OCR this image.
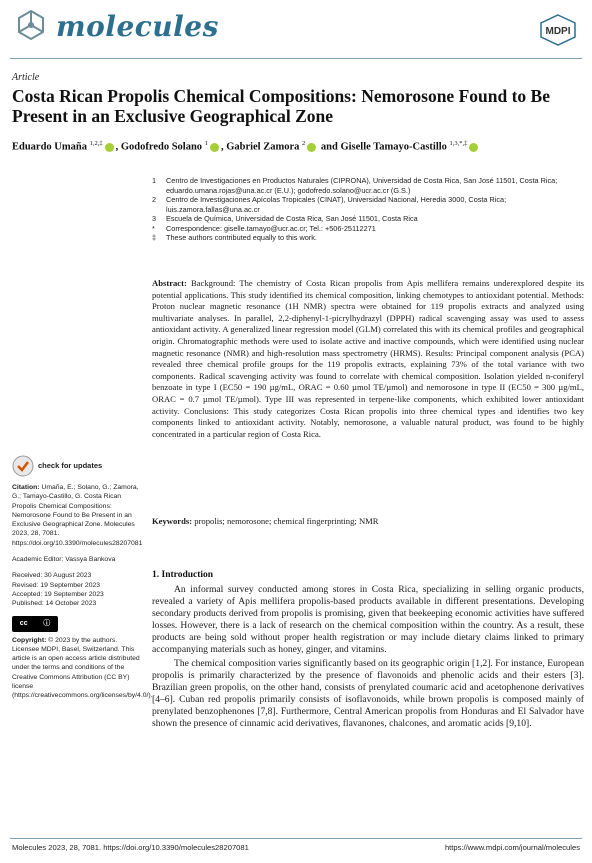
molecules	MDPI
Article
Costa Rican Propolis Chemical Compositions: Nemorosone Found to Be Present in an Exclusive Geographical Zone
Eduardo Umaña $^{1,2,\ddagger}$ , Godofredo Solano $^1$ , Gabriel Zamora $^2$ and Giselle Tamayo-Castillo $^{1,3,*,\ddagger}$
1	Centro de Investigaciones en Productos Naturales (CIPRONA), Universidad de Costa Rica, San José 11501, Costa Rica; eduardo.umana.rojas@una.ac.cr (E.U.); godofredo.solano@ucr.ac.cr (G.S.)
2	Centro de Investigaciones Apícolas Tropicales (CINAT), Universidad Nacional, Heredia 3000, Costa Rica; luis.zamora.fallas@una.ac.cr
3	Escuela de Química, Universidad de Costa Rica, San José 11501, Costa Rica
*	Correspondence: giselle.tamayo@ucr.ac.cr; Tel.: +506-25112271
‡	These authors contributed equally to this work.
Abstract: Background: The chemistry of Costa Rican propolis from Apis mellifera remains underexplored despite its potential applications. This study identified its chemical composition, linking chemotypes to antioxidant potential. Methods: Proton nuclear magnetic resonance (1H NMR) spectra were obtained for 119 propolis extracts and analyzed using multivariate analyses. In parallel, 2,2-diphenyl-1-picrylhydrazyl (DPPH) radical scavenging assay was used to assess antioxidant activity. A generalized linear regression model (GLM) correlated this with its chemical profiles and geographical origin. Chromatographic methods were used to isolate active and inactive compounds, which were identified using nuclear magnetic resonance (NMR) and high-resolution mass spectrometry (HRMS). Results: Principal component analysis (PCA) revealed three chemical profile groups for the 119 propolis extracts, explaining 73% of the total variance with two components. Radical scavenging activity was found to correlate with chemical composition. Isolation yielded n-coniferyl benzoate in type I (EC50 = 190 µg/mL, ORAC = 0.60 µmol TE/µmol) and nemorosone in type II (EC50 = 300 µg/mL, ORAC = 0.7 µmol TE/µmol). Type III was represented in terpene-like components, which exhibited lower antioxidant activity. Conclusions: This study categorizes Costa Rican propolis into three chemical types and identifies two key components linked to antioxidant activity. Notably, nemorosone, a valuable natural product, was found to be highly concentrated in a particular region of Costa Rica.
Keywords: propolis; nemorosone; chemical fingerprinting; NMR
1. Introduction

An informal survey conducted among stores in Costa Rica, specializing in selling organic products, revealed a variety of Apis mellifera propolis-based products available in different presentations. Developing secondary products derived from propolis is promising, given that beekeeping economic activities have suffered losses. However, there is a lack of research on the chemical composition within the country. As a result, these products are being sold without proper health registration or may include dietary claims linked to primary accompanying materials such as honey, ginger, and vitamins.

The chemical composition varies significantly based on its geographic origin [1,2]. For instance, European propolis is primarily characterized by the presence of flavonoids and phenolic acids and their esters [3]. Brazilian green propolis, on the other hand, consists of prenylated coumaric acid and acetophenone derivatives [4–6]. Cuban red propolis primarily consists of isoflavonoids, while brown propolis is composed mainly of prenylated benzophenones [7,8]. Furthermore, Central American propolis from Honduras and El Salvador have shown the presence of cinnamic acid derivatives, flavanones, chalcones, and aromatic acids [9,10].

check for updates
Citation: Umaña, E.; Solano, G.; Zamora, G.; Tamayo-Castillo, G. Costa Rican Propolis Chemical Compositions: Nemorosone Found to Be Present in an Exclusive Geographical Zone. Molecules 2023, 28, 7081. https://doi.org/10.3390/molecules28207081
Academic Editor: Vassya Bankova
Received: 30 August 2023
Revised: 19 September 2023
Accepted: 19 September 2023
Published: 14 October 2023
cc ⓘ
Copyright: © 2023 by the authors. Licensee MDPI, Basel, Switzerland. This article is an open access article distributed under the terms and conditions of the Creative Commons Attribution (CC BY) license (https://creativecommons.org/licenses/by/4.0/).
Molecules 2023, 28, 7081. https://doi.org/10.3390/molecules28207081	https://www.mdpi.com/journal/molecules
